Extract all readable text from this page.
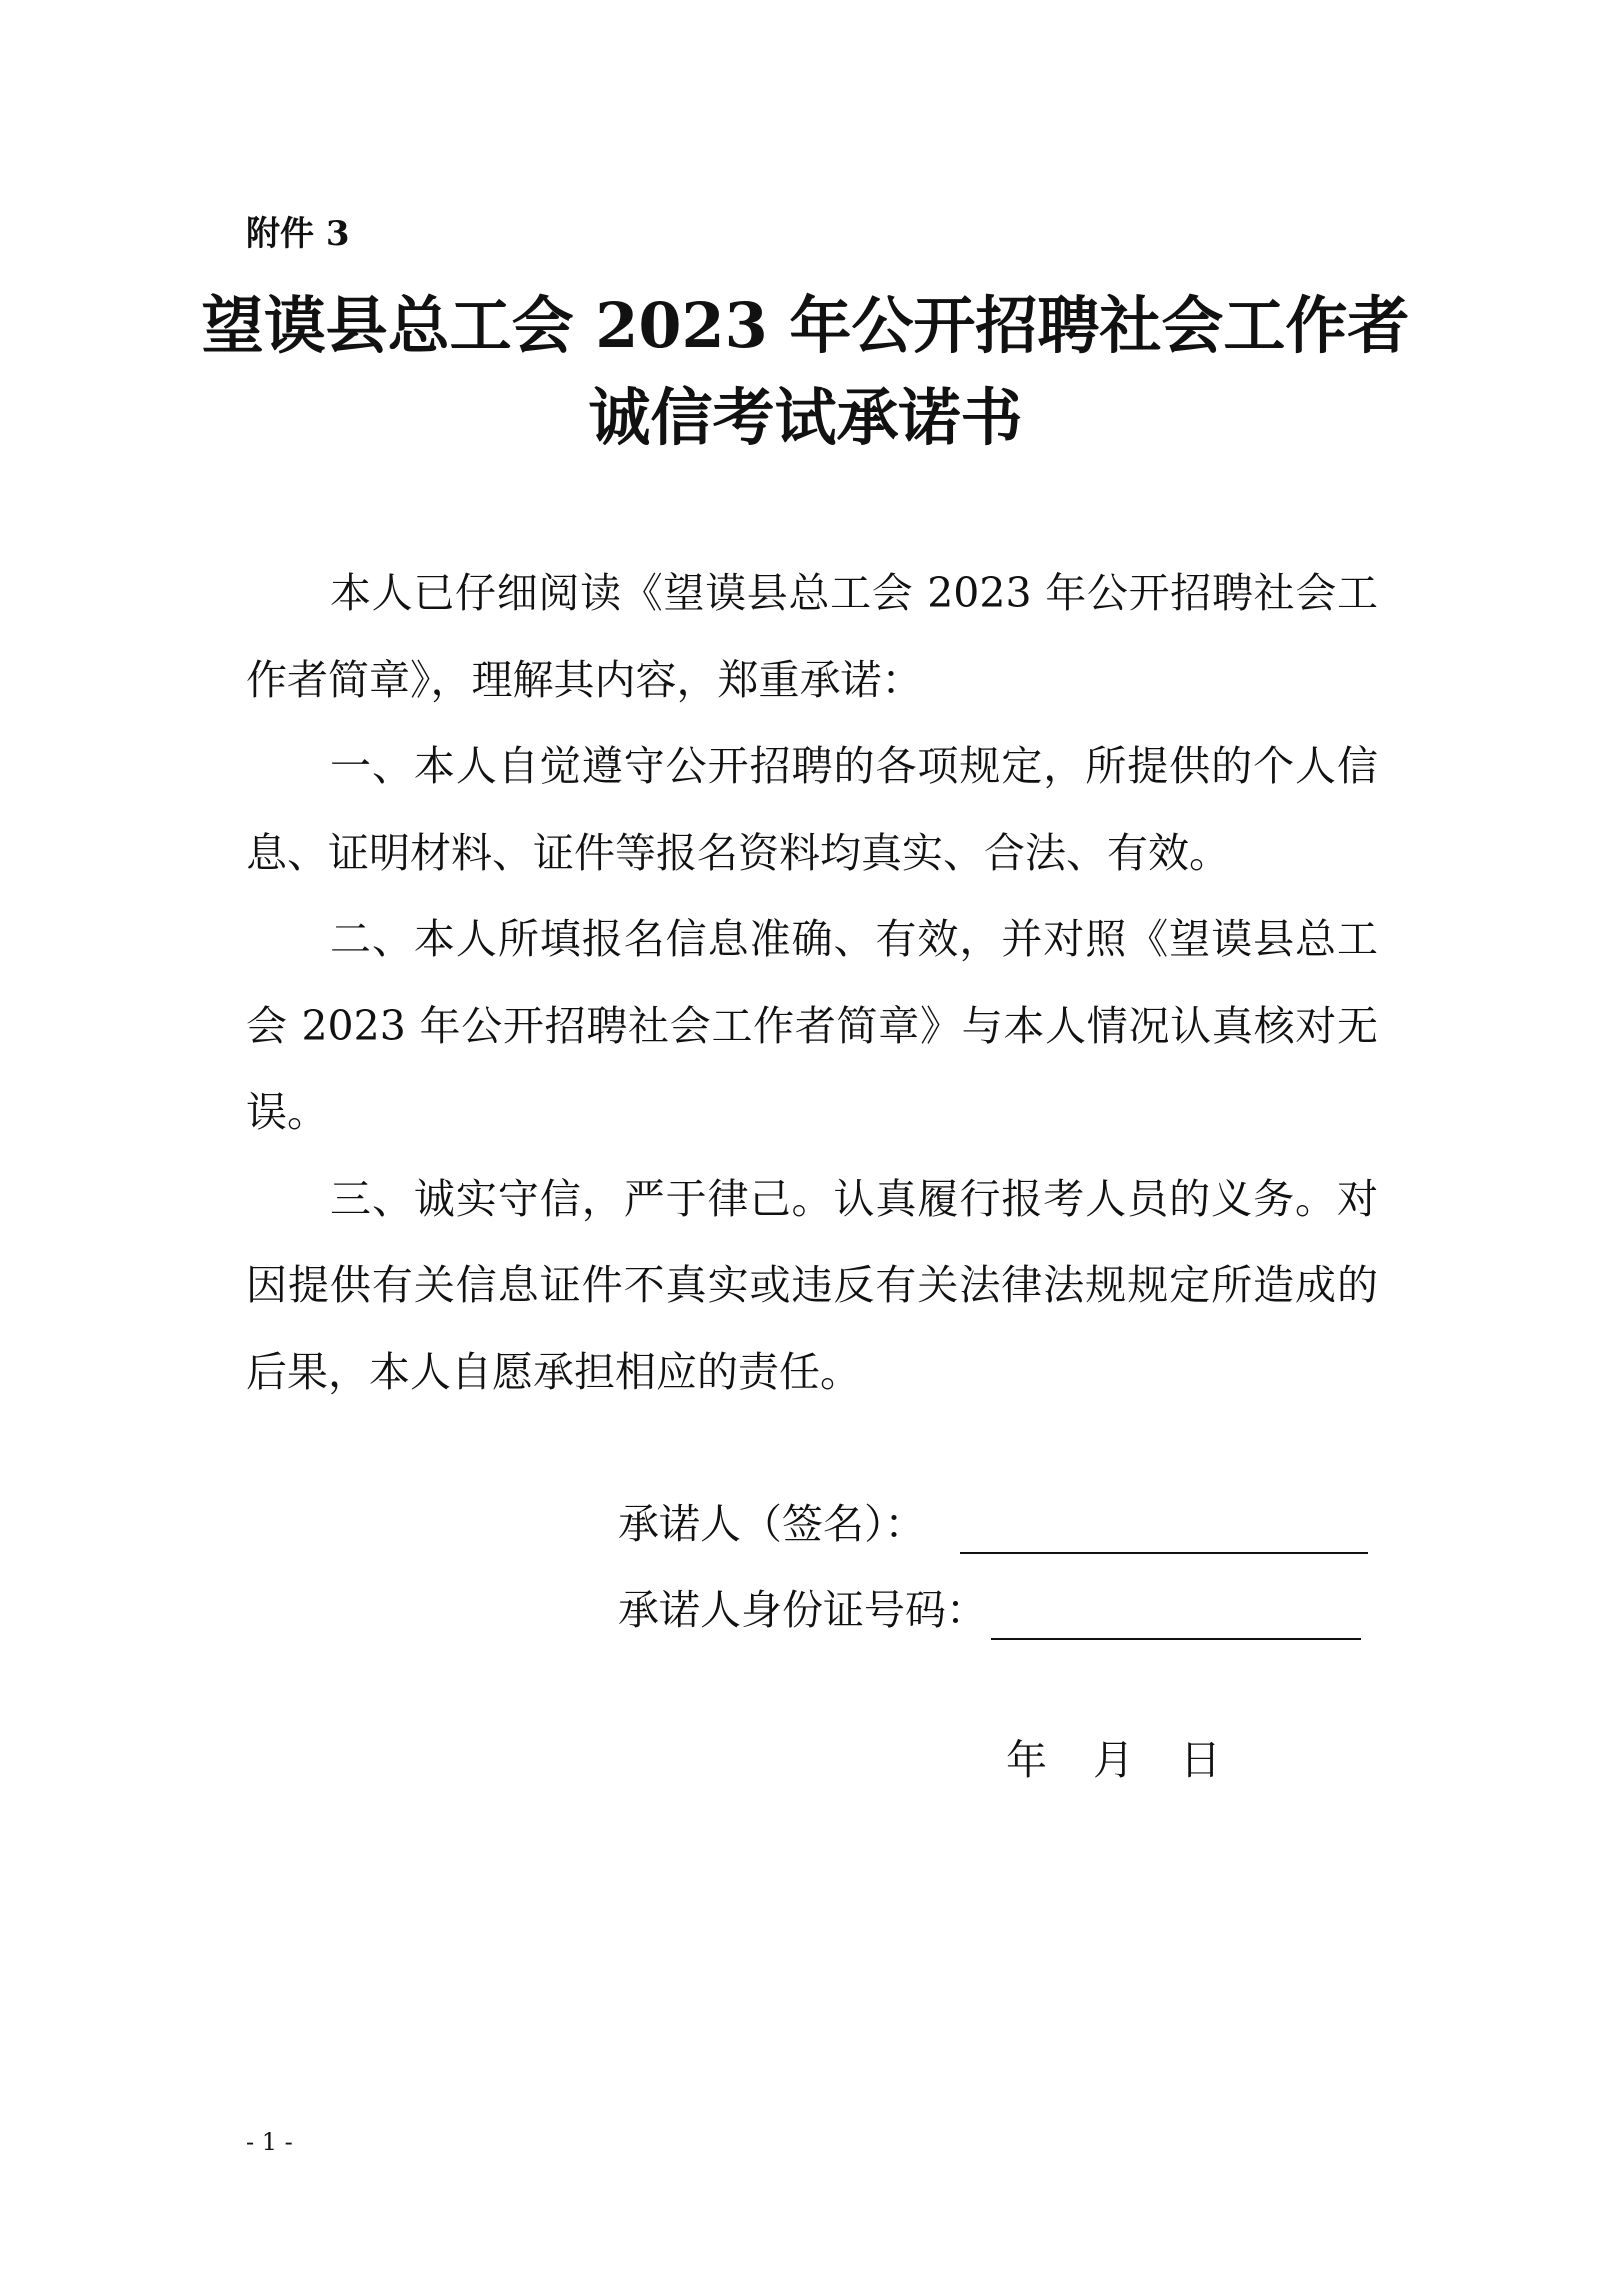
附件 3
望谟县总工会 2023 年公开招聘社会工作者
诚信考试承诺书

本人已仔细阅读《望谟县总工会 2023 年公开招聘社会工作者简章》，理解其内容，郑重承诺：

一、本人自觉遵守公开招聘的各项规定，所提供的个人信息、证明材料、证件等报名资料均真实、合法、有效。

二、本人所填报名信息准确、有效，并对照《望谟县总工会 2023 年公开招聘社会工作者简章》与本人情况认真核对无误。

三、诚实守信，严于律己。认真履行报考人员的义务。对因提供有关信息证件不真实或违反有关法律法规规定所造成的后果，本人自愿承担相应的责任。

承诺人（签名）：
承诺人身份证号码：
年 月 日
- 1 -
